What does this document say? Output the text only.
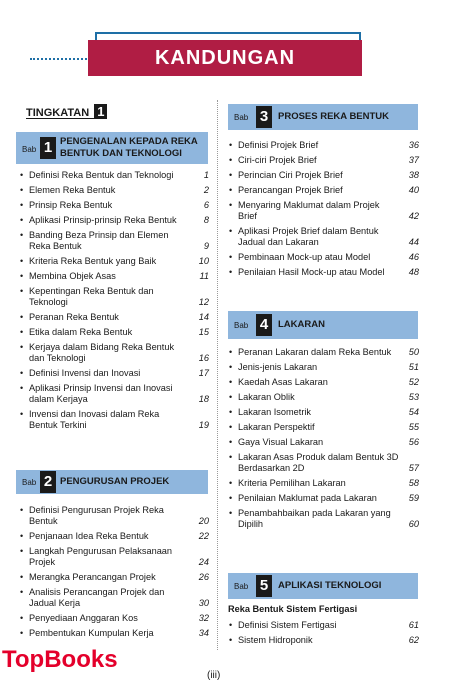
KANDUNGAN
TINGKATAN 1
Bab 1 PENGENALAN KEPADA REKA
BENTUK DAN TEKNOLOGI
• Definisi Reka Bentuk dan Teknologi	1
• Elemen Reka Bentuk	2
• Prinsip Reka Bentuk	6
• Aplikasi Prinsip-prinsip Reka Bentuk	8
• Banding Beza Prinsip dan Elemen Reka Bentuk	9
• Kriteria Reka Bentuk yang Baik	10
• Membina Objek Asas	11
• Kepentingan Reka Bentuk dan Teknologi	12
• Peranan Reka Bentuk	14
• Etika dalam Reka Bentuk	15
• Kerjaya dalam Bidang Reka Bentuk dan Teknologi	16
• Definisi Invensi dan Inovasi	17
• Aplikasi Prinsip Invensi dan Inovasi dalam Kerjaya	18
• Invensi dan Inovasi dalam Reka Bentuk Terkini	19
Bab 2 PENGURUSAN PROJEK
• Definisi Pengurusan Projek Reka Bentuk	20
• Penjanaan Idea Reka Bentuk	22
• Langkah Pengurusan Pelaksanaan Projek	24
• Merangka Perancangan Projek	26
• Analisis Perancangan Projek dan Jadual Kerja	30
• Penyediaan Anggaran Kos	32
• Pembentukan Kumpulan Kerja	34
Bab 3	PROSES REKA BENTUK
• Definisi Projek Brief	36
• Ciri-ciri Projek Brief	37
• Perincian Ciri Projek Brief	38
• Perancangan Projek Brief	40
• Menyaring Maklumat dalam Projek Brief	42
• Aplikasi Projek Brief dalam Bentuk Jadual dan Lakaran	44
• Pembinaan Mock-up atau Model	46
• Penilaian Hasil Mock-up atau Model	48
Bab 4	LAKARAN
• Peranan Lakaran dalam Reka Bentuk	50
• Jenis-jenis Lakaran	51
• Kaedah Asas Lakaran	52
• Lakaran Oblik	53
• Lakaran Isometrik	54
• Lakaran Perspektif	55
• Gaya Visual Lakaran	56
• Lakaran Asas Produk dalam Bentuk 3D Berdasarkan 2D	57
• Kriteria Pemilihan Lakaran	58
• Penilaian Maklumat pada Lakaran	59
• Penambahbaikan pada Lakaran yang Dipilih	60
Bab 5	APLIKASI TEKNOLOGI
Reka Bentuk Sistem Fertigasi
• Definisi Sistem Fertigasi	61
• Sistem Hidroponik	62
(iii)
TopBooks
